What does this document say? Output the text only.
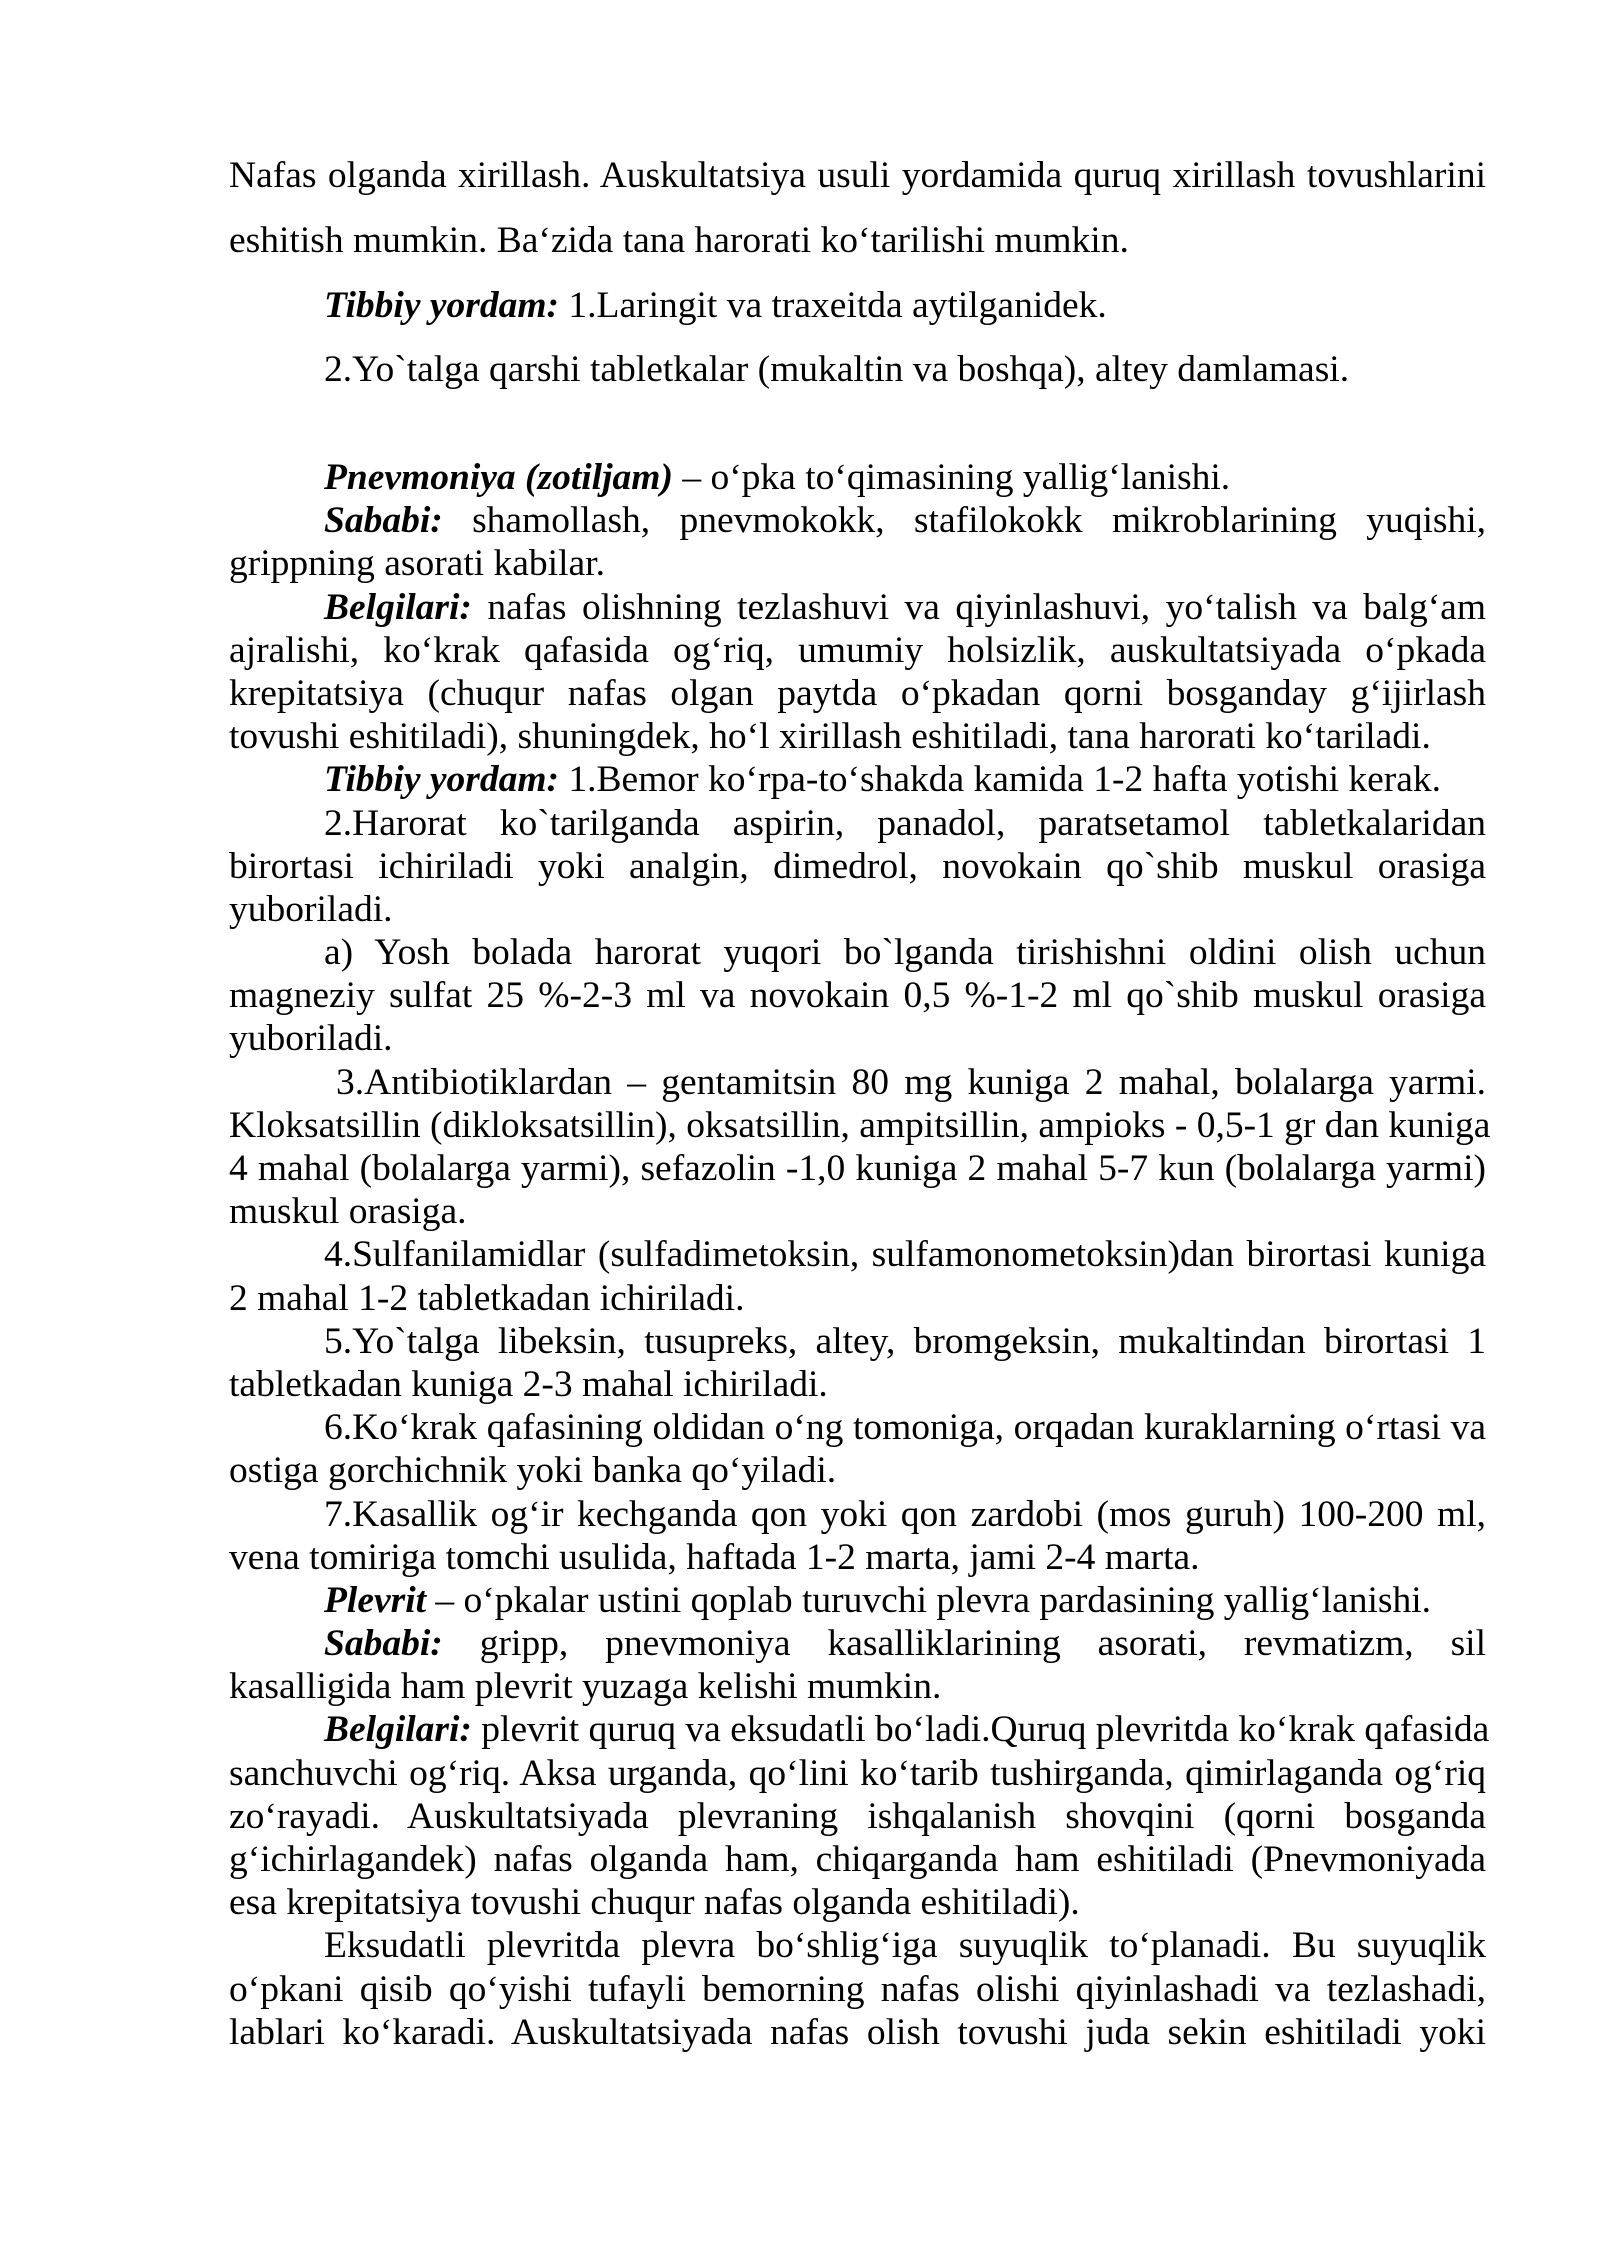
Nafas olganda xirillash. Auskultatsiya usuli yordamida quruq xirillash tovushlarini
eshitish mumkin. Ba‘zida tana harorati ko‘tarilishi mumkin.
Tibbiy yordam: 1.Laringit va traxeitda aytilganidek.
2.Yo`talga qarshi tabletkalar (mukaltin va boshqa), altey damlamasi.
Pnevmoniya (zotiljam) – o‘pka to‘qimasining yallig‘lanishi.
Sababi: shamollash, pnevmokokk, stafilokokk mikroblarining yuqishi,
grippning asorati kabilar.
Belgilari: nafas olishning tezlashuvi va qiyinlashuvi, yo‘talish va balg‘am
ajralishi, ko‘krak qafasida og‘riq, umumiy holsizlik, auskultatsiyada o‘pkada
krepitatsiya (chuqur nafas olgan paytda o‘pkadan qorni bosganday g‘ijirlash
tovushi eshitiladi), shuningdek, ho‘l xirillash eshitiladi, tana harorati ko‘tariladi.
Tibbiy yordam: 1.Bemor ko‘rpa-to‘shakda kamida 1-2 hafta yotishi kerak.
2.Harorat ko`tarilganda aspirin, panadol, paratsetamol tabletkalaridan
birortasi ichiriladi yoki analgin, dimedrol, novokain qo`shib muskul orasiga
yuboriladi.
a) Yosh bolada harorat yuqori bo`lganda tirishishni oldini olish uchun
magneziy sulfat 25 %-2-3 ml va novokain 0,5 %-1-2 ml qo`shib muskul orasiga
yuboriladi.
3.Antibiotiklardan – gentamitsin 80 mg kuniga 2 mahal, bolalarga yarmi.
Kloksatsillin (dikloksatsillin), oksatsillin, ampitsillin, ampioks - 0,5-1 gr dan kuniga
4 mahal (bolalarga yarmi), sefazolin -1,0 kuniga 2 mahal 5-7 kun (bolalarga yarmi)
muskul orasiga.
4.Sulfanilamidlar (sulfadimetoksin, sulfamonometoksin)dan birortasi kuniga
2 mahal 1-2 tabletkadan ichiriladi.
5.Yo`talga libeksin, tusupreks, altey, bromgeksin, mukaltindan birortasi 1
tabletkadan kuniga 2-3 mahal ichiriladi.
6.Ko‘krak qafasining oldidan o‘ng tomoniga, orqadan kuraklarning o‘rtasi va
ostiga gorchichnik yoki banka qo‘yiladi.
7.Kasallik og‘ir kechganda qon yoki qon zardobi (mos guruh) 100-200 ml,
vena tomiriga tomchi usulida, haftada 1-2 marta, jami 2-4 marta.
Plevrit – o‘pkalar ustini qoplab turuvchi plevra pardasining yallig‘lanishi.
Sababi: gripp, pnevmoniya kasalliklarining asorati, revmatizm, sil
kasalligida ham plevrit yuzaga kelishi mumkin.
Belgilari: plevrit quruq va eksudatli bo‘ladi.Quruq plevritda ko‘krak qafasida
sanchuvchi og‘riq. Aksa urganda, qo‘lini ko‘tarib tushirganda, qimirlaganda og‘riq
zo‘rayadi. Auskultatsiyada plevraning ishqalanish shovqini (qorni bosganda
g‘ichirlagandek) nafas olganda ham, chiqarganda ham eshitiladi (Pnevmoniyada
esa krepitatsiya tovushi chuqur nafas olganda eshitiladi).
Eksudatli plevritda plevra bo‘shlig‘iga suyuqlik to‘planadi. Bu suyuqlik
o‘pkani qisib qo‘yishi tufayli bemorning nafas olishi qiyinlashadi va tezlashadi,
lablari ko‘karadi. Auskultatsiyada nafas olish tovushi juda sekin eshitiladi yoki
